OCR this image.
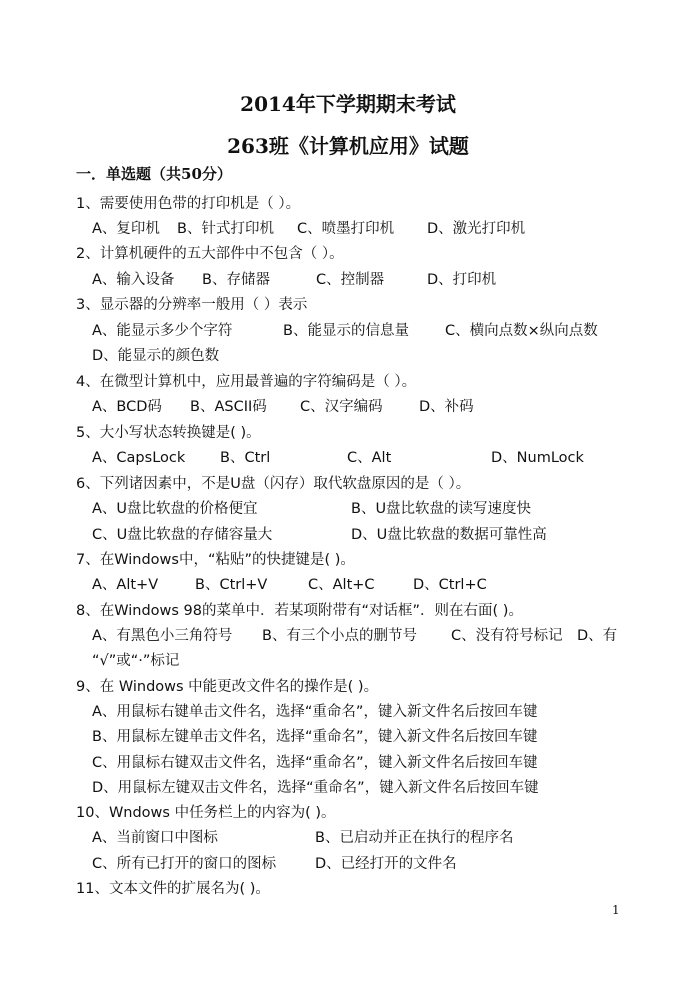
2014年下学期期末考试
263班《计算机应用》试题
一．单选题（共50分）
1、需要使用色带的打印机是（ ）。
A、复印机 B、针式打印机 C、喷墨打印机 D、激光打印机
2、计算机硬件的五大部件中不包含（ ）。
A、输入设备 B、存储器	C、控制器	D、打印机
3、显示器的分辨率一般用（ ）表示
A、能显示多少个字符	B、能显示的信息量 C、横向点数×纵向点数
D、能显示的颜色数
4、在微型计算机中，应用最普遍的字符编码是（ ）。
A、BCD码 B、ASCII码 C、汉字编码	D、补码
5、大小写状态转换键是( )。
A、CapsLock B、Ctrl	C、Alt	D、NumLock
6、下列诸因素中，不是U盘（闪存）取代软盘原因的是（ ）。
A、U盘比软盘的价格便宜	B、U盘比软盘的读写速度快
C、U盘比软盘的存储容量大	D、U盘比软盘的数据可靠性高
7、在Windows中，“粘贴”的快捷键是( )。
A、Alt+V	B、Ctrl+V	C、Alt+C	D、Ctrl+C
8、在Windows 98的菜单中．若某项附带有“对话框”．则在右面( )。
A、有黑色小三角符号 B、有三个小点的删节号 C、没有符号标记 D、有
“√”或“·”标记
9、在 Windows 中能更改文件名的操作是( )。
A、用鼠标右键单击文件名，选择“重命名”，键入新文件名后按回车键
B、用鼠标左键单击文件名，选择“重命名”，键入新文件名后按回车键
C、用鼠标右键双击文件名，选择“重命名”，键入新文件名后按回车键
D、用鼠标左键双击文件名，选择“重命名”，键入新文件名后按回车键
10、Wndows 中任务栏上的内容为( )。
A、当前窗口中图标	B、已启动并正在执行的程序名
C、所有已打开的窗口的图标	D、已经打开的文件名
11、文本文件的扩展名为( )。
1
